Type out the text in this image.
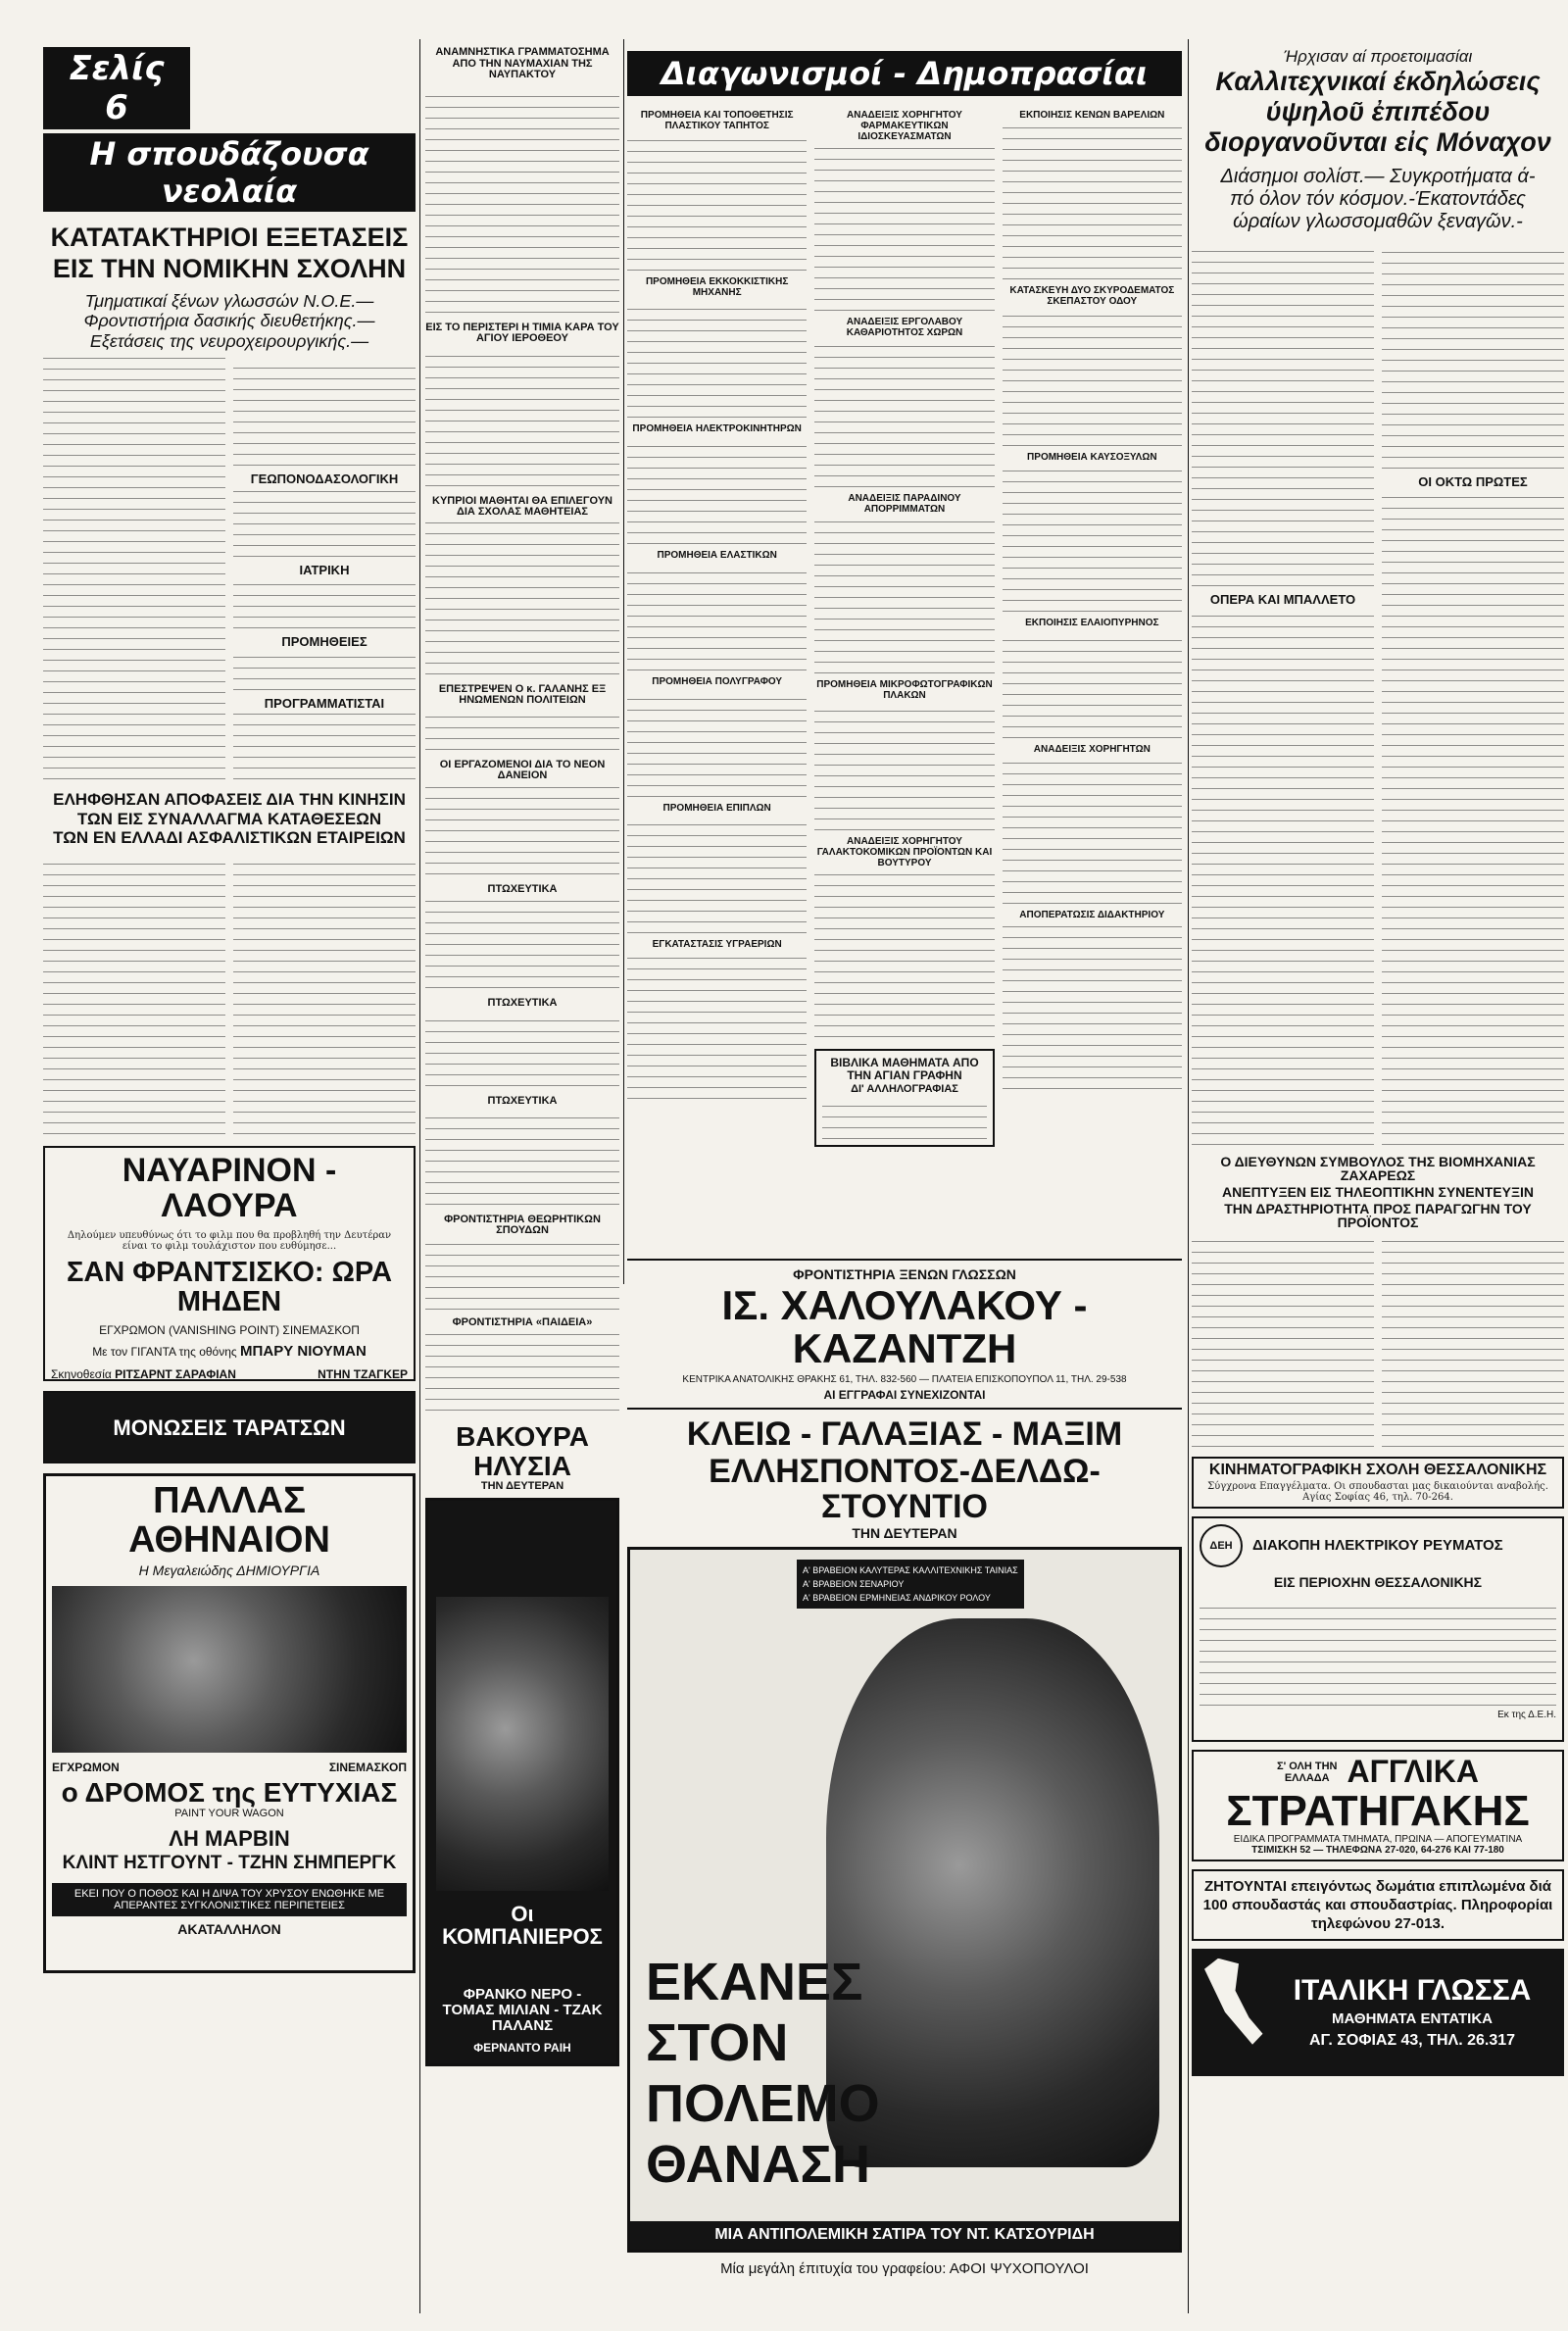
Σελίς 6
Η σπουδάζουσα νεολαία
ΚΑΤΑΤΑΚΤΗΡΙΟΙ ΕΞΕΤΑΣΕΙΣ
ΕΙΣ ΤΗΝ ΝΟΜΙΚΗΝ ΣΧΟΛΗΝ
Τμηματικαί ξένων γλωσσών Ν.Ο.Ε.— Φροντιστήρια δασικής διευθετήκης.— Εξετάσεις της νευροχειρουργικής.—
ΓΕΩΠΟΝΟΔΑΣΟΛΟΓΙΚΗ
ΙΑΤΡΙΚΗ
ΠΡΟΜΗΘΕΙΕΣ
ΠΡΟΓΡΑΜΜΑΤΙΣΤΑΙ
ΕΛΗΦΘΗΣΑΝ ΑΠΟΦΑΣΕΙΣ ΔΙΑ ΤΗΝ ΚΙΝΗΣΙΝ
ΤΩΝ ΕΙΣ ΣΥΝΑΛΛΑΓΜΑ ΚΑΤΑΘΕΣΕΩΝ
ΤΩΝ ΕΝ ΕΛΛΑΔΙ ΑΣΦΑΛΙΣΤΙΚΩΝ ΕΤΑΙΡΕΙΩΝ
ΝΑΥΑΡΙΝΟΝ - ΛΑΟΥΡΑ
Δηλούμεν υπευθύνως ότι το φιλμ που θα προβληθή την Δευτέραν είναι το φιλμ τουλάχιστον που ευθύμησε...
ΣΑΝ ΦΡΑΝΤΣΙΣΚΟ: ΩΡΑ ΜΗΔΕΝ
ΕΓΧΡΩΜΟΝ (VANISHING POINT) ΣΙΝΕΜΑΣΚΟΠ
Με τον ΓΙΓΑΝΤΑ της οθόνης ΜΠΑΡΥ ΝΙΟΥΜΑΝ
Σκηνοθεσία ΡΙΤΣΑΡΝΤ ΣΑΡΑΦΙΑΝ	ΝΤΗΝ ΤΖΑΓΚΕΡ
ΜΟΝΩΣΕΙΣ ΤΑΡΑΤΣΩΝ
ΠΑΛΛΑΣ
ΑΘΗΝΑΙΟΝ
Η Μεγαλειώδης ΔΗΜΙΟΥΡΓΙΑ
ΕΓΧΡΩΜΟΝ	ΣΙΝΕΜΑΣΚΟΠ
ο ΔΡΟΜΟΣ της ΕΥΤΥΧΙΑΣ
PAINT YOUR WAGON
ΛΗ ΜΑΡΒΙΝ
ΚΛΙΝΤ ΗΣΤΓΟΥΝΤ - ΤΖΗΝ ΣΗΜΠΕΡΓΚ
ΕΚΕΙ ΠΟΥ Ο ΠΟΘΟΣ ΚΑΙ Η ΔΙΨΑ ΤΟΥ ΧΡΥΣΟΥ ΕΝΩΘΗΚΕ ΜΕ ΑΠΕΡΑΝΤΕΣ ΣΥΓΚΛΟΝΙΣΤΙΚΕΣ ΠΕΡΙΠΕΤΕΙΕΣ
ΑΚΑΤΑΛΛΗΛΟΝ
ΑΝΑΜΝΗΣΤΙΚΑ ΓΡΑΜΜΑΤΟΣΗΜΑ ΑΠΟ ΤΗΝ ΝΑΥΜΑΧΙΑΝ ΤΗΣ ΝΑΥΠΑΚΤΟΥ
ΕΙΣ ΤΟ ΠΕΡΙΣΤΕΡΙ Η ΤΙΜΙΑ ΚΑΡΑ ΤΟΥ ΑΓΙΟΥ ΙΕΡΟΘΕΟΥ
ΚΥΠΡΙΟΙ ΜΑΘΗΤΑΙ ΘΑ ΕΠΙΛΕΓΟΥΝ ΔΙΑ ΣΧΟΛΑΣ ΜΑΘΗΤΕΙΑΣ
ΕΠΕΣΤΡΕΨΕΝ Ο κ. ΓΑΛΑΝΗΣ ΕΞ ΗΝΩΜΕΝΩΝ ΠΟΛΙΤΕΙΩΝ
ΟΙ ΕΡΓΑΖΟΜΕΝΟΙ ΔΙΑ ΤΟ ΝΕΟΝ ΔΑΝΕΙΟΝ
ΠΤΩΧΕΥΤΙΚΑ
ΠΤΩΧΕΥΤΙΚΑ
ΠΤΩΧΕΥΤΙΚΑ
ΦΡΟΝΤΙΣΤΗΡΙΑ ΘΕΩΡΗΤΙΚΩΝ ΣΠΟΥΔΩΝ
ΦΡΟΝΤΙΣΤΗΡΙΑ «ΠΑΙΔΕΙΑ»
ΒΑΚΟΥΡΑ
ΗΛΥΣΙΑ
ΤΗΝ ΔΕΥΤΕΡΑΝ
Οι ΚΟΜΠΑΝΙΕΡΟΣ
ΦΡΑΝΚΟ ΝΕΡΟ - ΤΟΜΑΣ ΜΙΛΙΑΝ - ΤΖΑΚ ΠΑΛΑΝΣ
ΦΕΡΝΑΝΤΟ ΡΑΙΗ
Διαγωνισμοί - Δημοπρασίαι
ΠΡΟΜΗΘΕΙΑ ΚΑΙ ΤΟΠΟΘΕΤΗΣΙΣ ΠΛΑΣΤΙΚΟΥ ΤΑΠΗΤΟΣ
ΠΡΟΜΗΘΕΙΑ ΕΚΚΟΚΚΙΣΤΙΚΗΣ ΜΗΧΑΝΗΣ
ΠΡΟΜΗΘΕΙΑ ΗΛΕΚΤΡΟΚΙΝΗΤΗΡΩΝ
ΠΡΟΜΗΘΕΙΑ ΕΛΑΣΤΙΚΩΝ
ΠΡΟΜΗΘΕΙΑ ΠΟΛΥΓΡΑΦΟΥ
ΠΡΟΜΗΘΕΙΑ ΕΠΙΠΛΩΝ
ΕΓΚΑΤΑΣΤΑΣΙΣ ΥΓΡΑΕΡΙΩΝ
ΑΝΑΔΕΙΞΙΣ ΧΟΡΗΓΗΤΟΥ ΦΑΡΜΑΚΕΥΤΙΚΩΝ ΙΔΙΟΣΚΕΥΑΣΜΑΤΩΝ
ΑΝΑΔΕΙΞΙΣ ΕΡΓΟΛΑΒΟΥ ΚΑΘΑΡΙΟΤΗΤΟΣ ΧΩΡΩΝ
ΑΝΑΔΕΙΞΙΣ ΠΑΡΑΔΙΝΟΥ ΑΠΟΡΡΙΜΜΑΤΩΝ
ΠΡΟΜΗΘΕΙΑ ΜΙΚΡΟΦΩΤΟΓΡΑΦΙΚΩΝ ΠΛΑΚΩΝ
ΑΝΑΔΕΙΞΙΣ ΧΟΡΗΓΗΤΟΥ ΓΑΛΑΚΤΟΚΟΜΙΚΩΝ ΠΡΟΪΟΝΤΩΝ ΚΑΙ ΒΟΥΤΥΡΟΥ
ΒΙΒΛΙΚΑ ΜΑΘΗΜΑΤΑ ΑΠΟ ΤΗΝ ΑΓΙΑΝ ΓΡΑΦΗΝ
ΔΙ' ΑΛΛΗΛΟΓΡΑΦΙΑΣ
ΕΚΠΟΙΗΣΙΣ ΚΕΝΩΝ ΒΑΡΕΛΙΩΝ
ΚΑΤΑΣΚΕΥΗ ΔΥΟ ΣΚΥΡΟΔΕΜΑΤΟΣ ΣΚΕΠΑΣΤΟΥ ΟΔΟΥ
ΠΡΟΜΗΘΕΙΑ ΚΑΥΣΟΞΥΛΩΝ
ΕΚΠΟΙΗΣΙΣ ΕΛΑΙΟΠΥΡΗΝΟΣ
ΑΝΑΔΕΙΞΙΣ ΧΟΡΗΓΗΤΩΝ
ΑΠΟΠΕΡΑΤΩΣΙΣ ΔΙΔΑΚΤΗΡΙΟΥ
ΦΡΟΝΤΙΣΤΗΡΙΑ ΞΕΝΩΝ ΓΛΩΣΣΩΝ
ΙΣ. ΧΑΛΟΥΛΑΚΟΥ - ΚΑΖΑΝΤΖΗ
ΚΕΝΤΡΙΚΑ ΑΝΑΤΟΛΙΚΗΣ ΘΡΑΚΗΣ 61, ΤΗΛ. 832-560 — ΠΛΑΤΕΙΑ ΕΠΙΣΚΟΠΟΥΠΟΛ 11, ΤΗΛ. 29-538
ΑΙ ΕΓΓΡΑΦΑΙ ΣΥΝΕΧΙΖΟΝΤΑΙ
ΚΛΕΙΩ - ΓΑΛΑΞΙΑΣ - ΜΑΞΙΜ
ΕΛΛΗΣΠΟΝΤΟΣ-ΔΕΛΔΩ-ΣΤΟΥΝΤΙΟ
ΤΗΝ ΔΕΥΤΕΡΑΝ
Α' ΒΡΑΒΕΙΟΝ ΚΑΛΥΤΕΡΑΣ ΚΑΛΛΙΤΕΧΝΙΚΗΣ ΤΑΙΝΙΑΣ
Α' ΒΡΑΒΕΙΟΝ ΣΕΝΑΡΙΟΥ
Α' ΒΡΑΒΕΙΟΝ ΕΡΜΗΝΕΙΑΣ ΑΝΔΡΙΚΟΥ ΡΟΛΟΥ
ΕΚΑΝΕΣ
ΣΤΟΝ
ΠΟΛΕΜΟ
ΘΑΝΑΣΗ
ΜΙΑ ΑΝΤΙΠΟΛΕΜΙΚΗ ΣΑΤΙΡΑ ΤΟΥ ΝΤ. ΚΑΤΣΟΥΡΙΔΗ
Μία μεγάλη έπιτυχία του γραφείου: ΑΦΟΙ ΨΥΧΟΠΟΥΛΟΙ
Ήρχισαν αί προετοιμασίαι
Καλλιτεχνικαί έκδηλώσεις
ύψηλοῦ ἐπιπέδου
διοργανοῦνται εἰς Μόναχον
Διάσημοι σολίστ.— Συγκροτήματα ά-
πό όλον τόν κόσμον.-Έκατοντάδες
ώραίων γλωσσομαθῶν ξεναγῶν.-
ΟΠΕΡΑ ΚΑΙ ΜΠΑΛΛΕΤΟ
ΟΙ ΟΚΤΩ ΠΡΩΤΕΣ
Ο ΔΙΕΥΘΥΝΩΝ ΣΥΜΒΟΥΛΟΣ ΤΗΣ ΒΙΟΜΗΧΑΝΙΑΣ ΖΑΧΑΡΕΩΣ
ΑΝΕΠΤΥΞΕΝ ΕΙΣ ΤΗΛΕΟΠΤΙΚΗΝ ΣΥΝΕΝΤΕΥΞΙΝ
ΤΗΝ ΔΡΑΣΤΗΡΙΟΤΗΤΑ ΠΡΟΣ ΠΑΡΑΓΩΓΗΝ ΤΟΥ ΠΡΟΪΟΝΤΟΣ
ΚΙΝΗΜΑΤΟΓΡΑΦΙΚΗ ΣΧΟΛΗ ΘΕΣΣΑΛΟΝΙΚΗΣ
Σύγχρονα Επαγγέλματα. Οι σπουδασται μας δικαιούνται αναβολής. Αγίας Σοφίας 46, τηλ. 70-264.
ΔΕΗ	ΔΙΑΚΟΠΗ ΗΛΕΚΤΡΙΚΟΥ ΡΕΥΜΑΤΟΣ
ΕΙΣ ΠΕΡΙΟΧΗΝ ΘΕΣΣΑΛΟΝΙΚΗΣ
Εκ της Δ.Ε.Η.
Σ' ΟΛΗ ΤΗΝ
ΕΛΛΑΔΑ ΑΓΓΛΙΚΑ
ΣΤΡΑΤΗΓΑΚΗΣ
ΕΙΔΙΚΑ ΠΡΟΓΡΑΜΜΑΤΑ ΤΜΗΜΑΤΑ, ΠΡΩΙΝΑ — ΑΠΟΓΕΥΜΑΤΙΝΑ
ΤΣΙΜΙΣΚΗ 52 — ΤΗΛΕΦΩΝΑ 27-020, 64-276 ΚΑΙ 77-180
ΖΗΤΟΥΝΤΑΙ επειγόντως δωμάτια επιπλωμένα διά 100 σπουδαστάς και σπουδαστρίας. Πληροφορίαι τηλεφώνου 27-013.
ΙΤΑΛΙΚΗ ΓΛΩΣΣΑ
ΜΑΘΗΜΑΤΑ ΕΝΤΑΤΙΚΑ
ΑΓ. ΣΟΦΙΑΣ 43, ΤΗΛ. 26.317
